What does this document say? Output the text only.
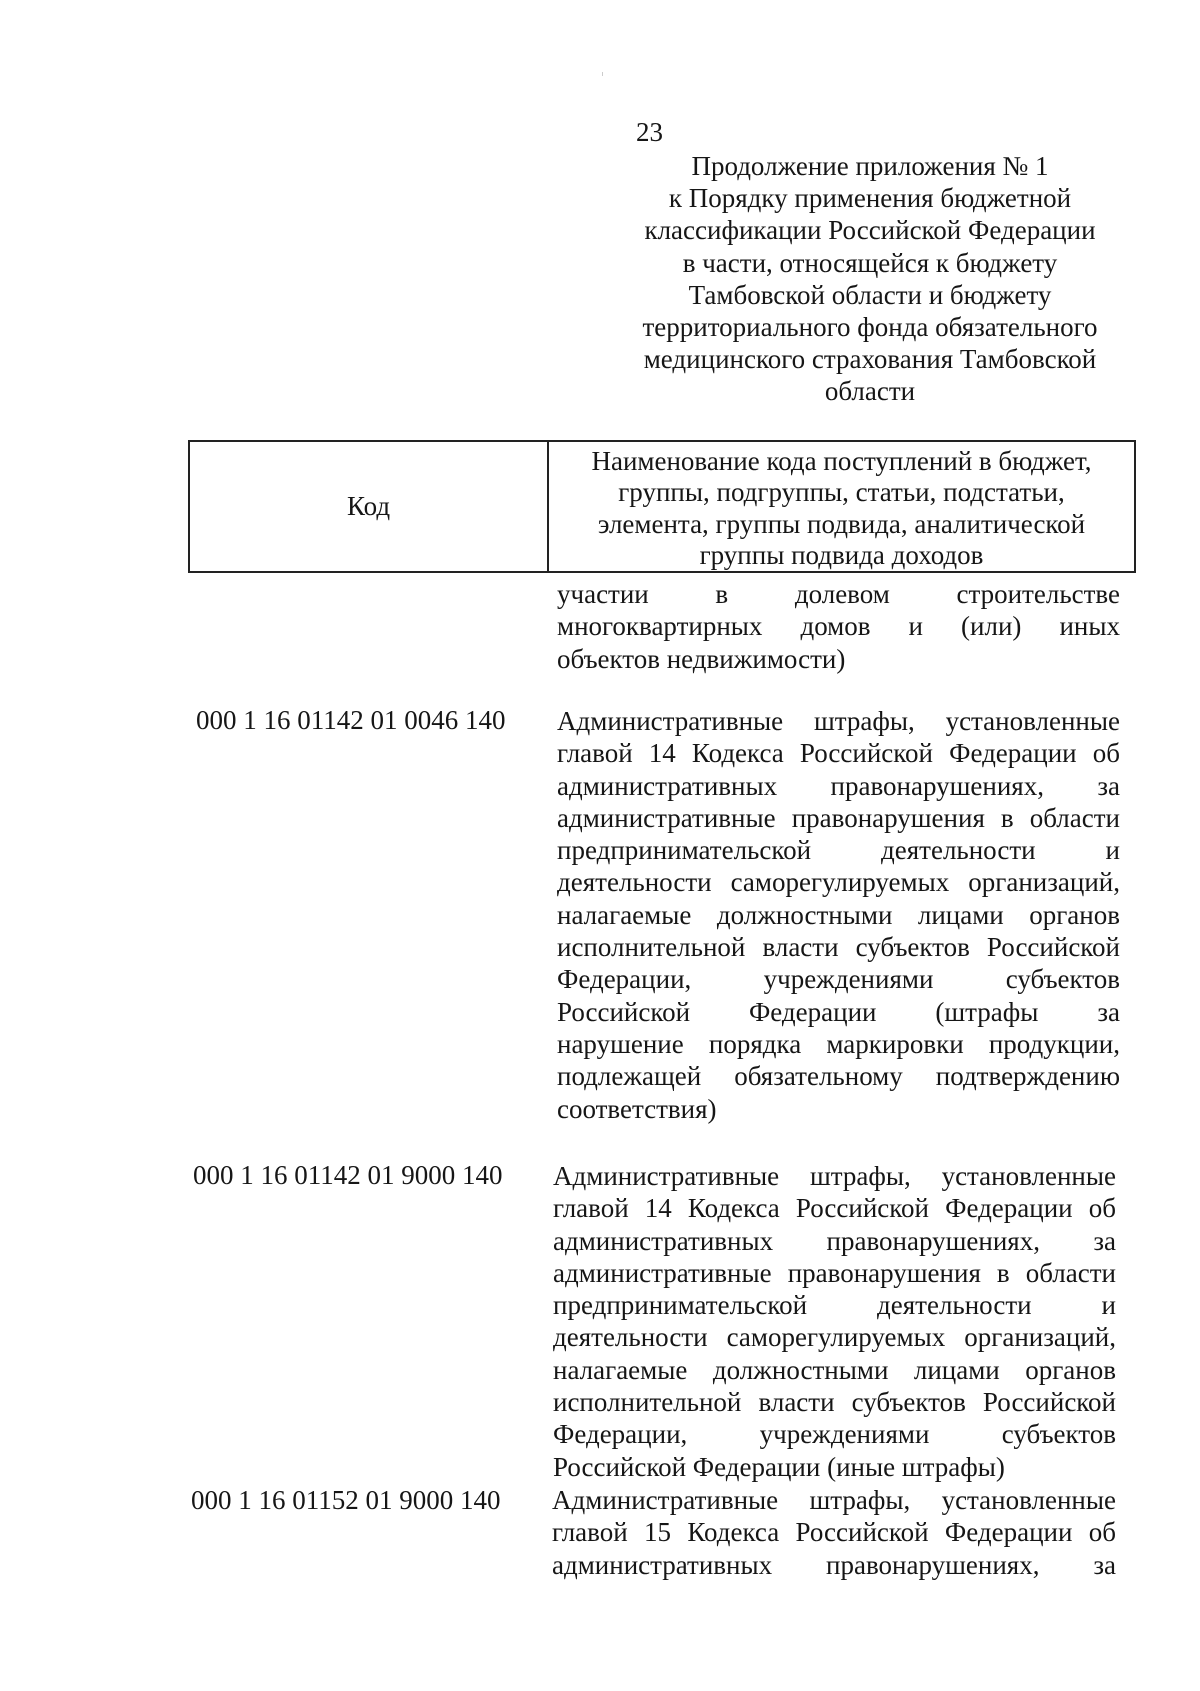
23
Продолжение приложения № 1
к Порядку применения бюджетной
классификации Российской Федерации
в части, относящейся к бюджету
Тамбовской области и бюджету
территориального фонда обязательного
медицинского страхования Тамбовской
области
Код
Наименование кода поступлений в бюджет,
группы, подгруппы, статьи, подстатьи,
элемента, группы подвида, аналитической
группы подвида доходов
участии в долевом строительстве
многоквартирных домов и (или) иных
объектов недвижимости)
000 1 16 01142 01 0046 140 Административные штрафы, установленные
главой 14 Кодекса Российской Федерации об
административных правонарушениях, за
административные правонарушения в области
предпринимательской деятельности и
деятельности саморегулируемых организаций,
налагаемые должностными лицами органов
исполнительной власти субъектов Российской
Федерации, учреждениями субъектов
Российской Федерации (штрафы за
нарушение порядка маркировки продукции,
подлежащей обязательному подтверждению
соответствия)
000 1 16 01142 01 9000 140 Административные штрафы, установленные
главой 14 Кодекса Российской Федерации об
административных правонарушениях, за
административные правонарушения в области
предпринимательской деятельности и
деятельности саморегулируемых организаций,
налагаемые должностными лицами органов
исполнительной власти субъектов Российской
Федерации, учреждениями субъектов
Российской Федерации (иные штрафы)
000 1 16 01152 01 9000 140 Административные штрафы, установленные
главой 15 Кодекса Российской Федерации об
административных правонарушениях, за
